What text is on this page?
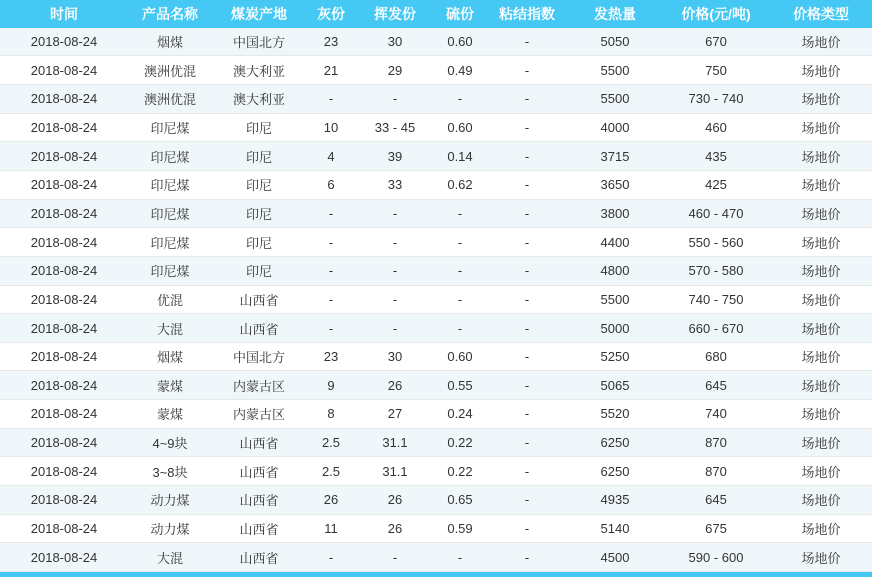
时间	产品名称	煤炭产地	灰份	挥发份	硫份	粘结指数	发热量	价格(元/吨)	价格类型
2018-08-24	烟煤	中国北方	23	30	0.60	-	5050	670	场地价
2018-08-24	澳洲优混	澳大利亚	21	29	0.49	-	5500	750	场地价
2018-08-24	澳洲优混	澳大利亚	-	-	-	-	5500	730 - 740	场地价
2018-08-24	印尼煤	印尼	10	33 - 45	0.60	-	4000	460	场地价
2018-08-24	印尼煤	印尼	4	39	0.14	-	3715	435	场地价
2018-08-24	印尼煤	印尼	6	33	0.62	-	3650	425	场地价
2018-08-24	印尼煤	印尼	-	-	-	-	3800	460 - 470	场地价
2018-08-24	印尼煤	印尼	-	-	-	-	4400	550 - 560	场地价
2018-08-24	印尼煤	印尼	-	-	-	-	4800	570 - 580	场地价
2018-08-24	优混	山西省	-	-	-	-	5500	740 - 750	场地价
2018-08-24	大混	山西省	-	-	-	-	5000	660 - 670	场地价
2018-08-24	烟煤	中国北方	23	30	0.60	-	5250	680	场地价
2018-08-24	蒙煤	内蒙古区	9	26	0.55	-	5065	645	场地价
2018-08-24	蒙煤	内蒙古区	8	27	0.24	-	5520	740	场地价
2018-08-24	4~9块	山西省	2.5	31.1	0.22	-	6250	870	场地价
2018-08-24	3~8块	山西省	2.5	31.1	0.22	-	6250	870	场地价
2018-08-24	动力煤	山西省	26	26	0.65	-	4935	645	场地价
2018-08-24	动力煤	山西省	11	26	0.59	-	5140	675	场地价
2018-08-24	大混	山西省	-	-	-	-	4500	590 - 600	场地价
